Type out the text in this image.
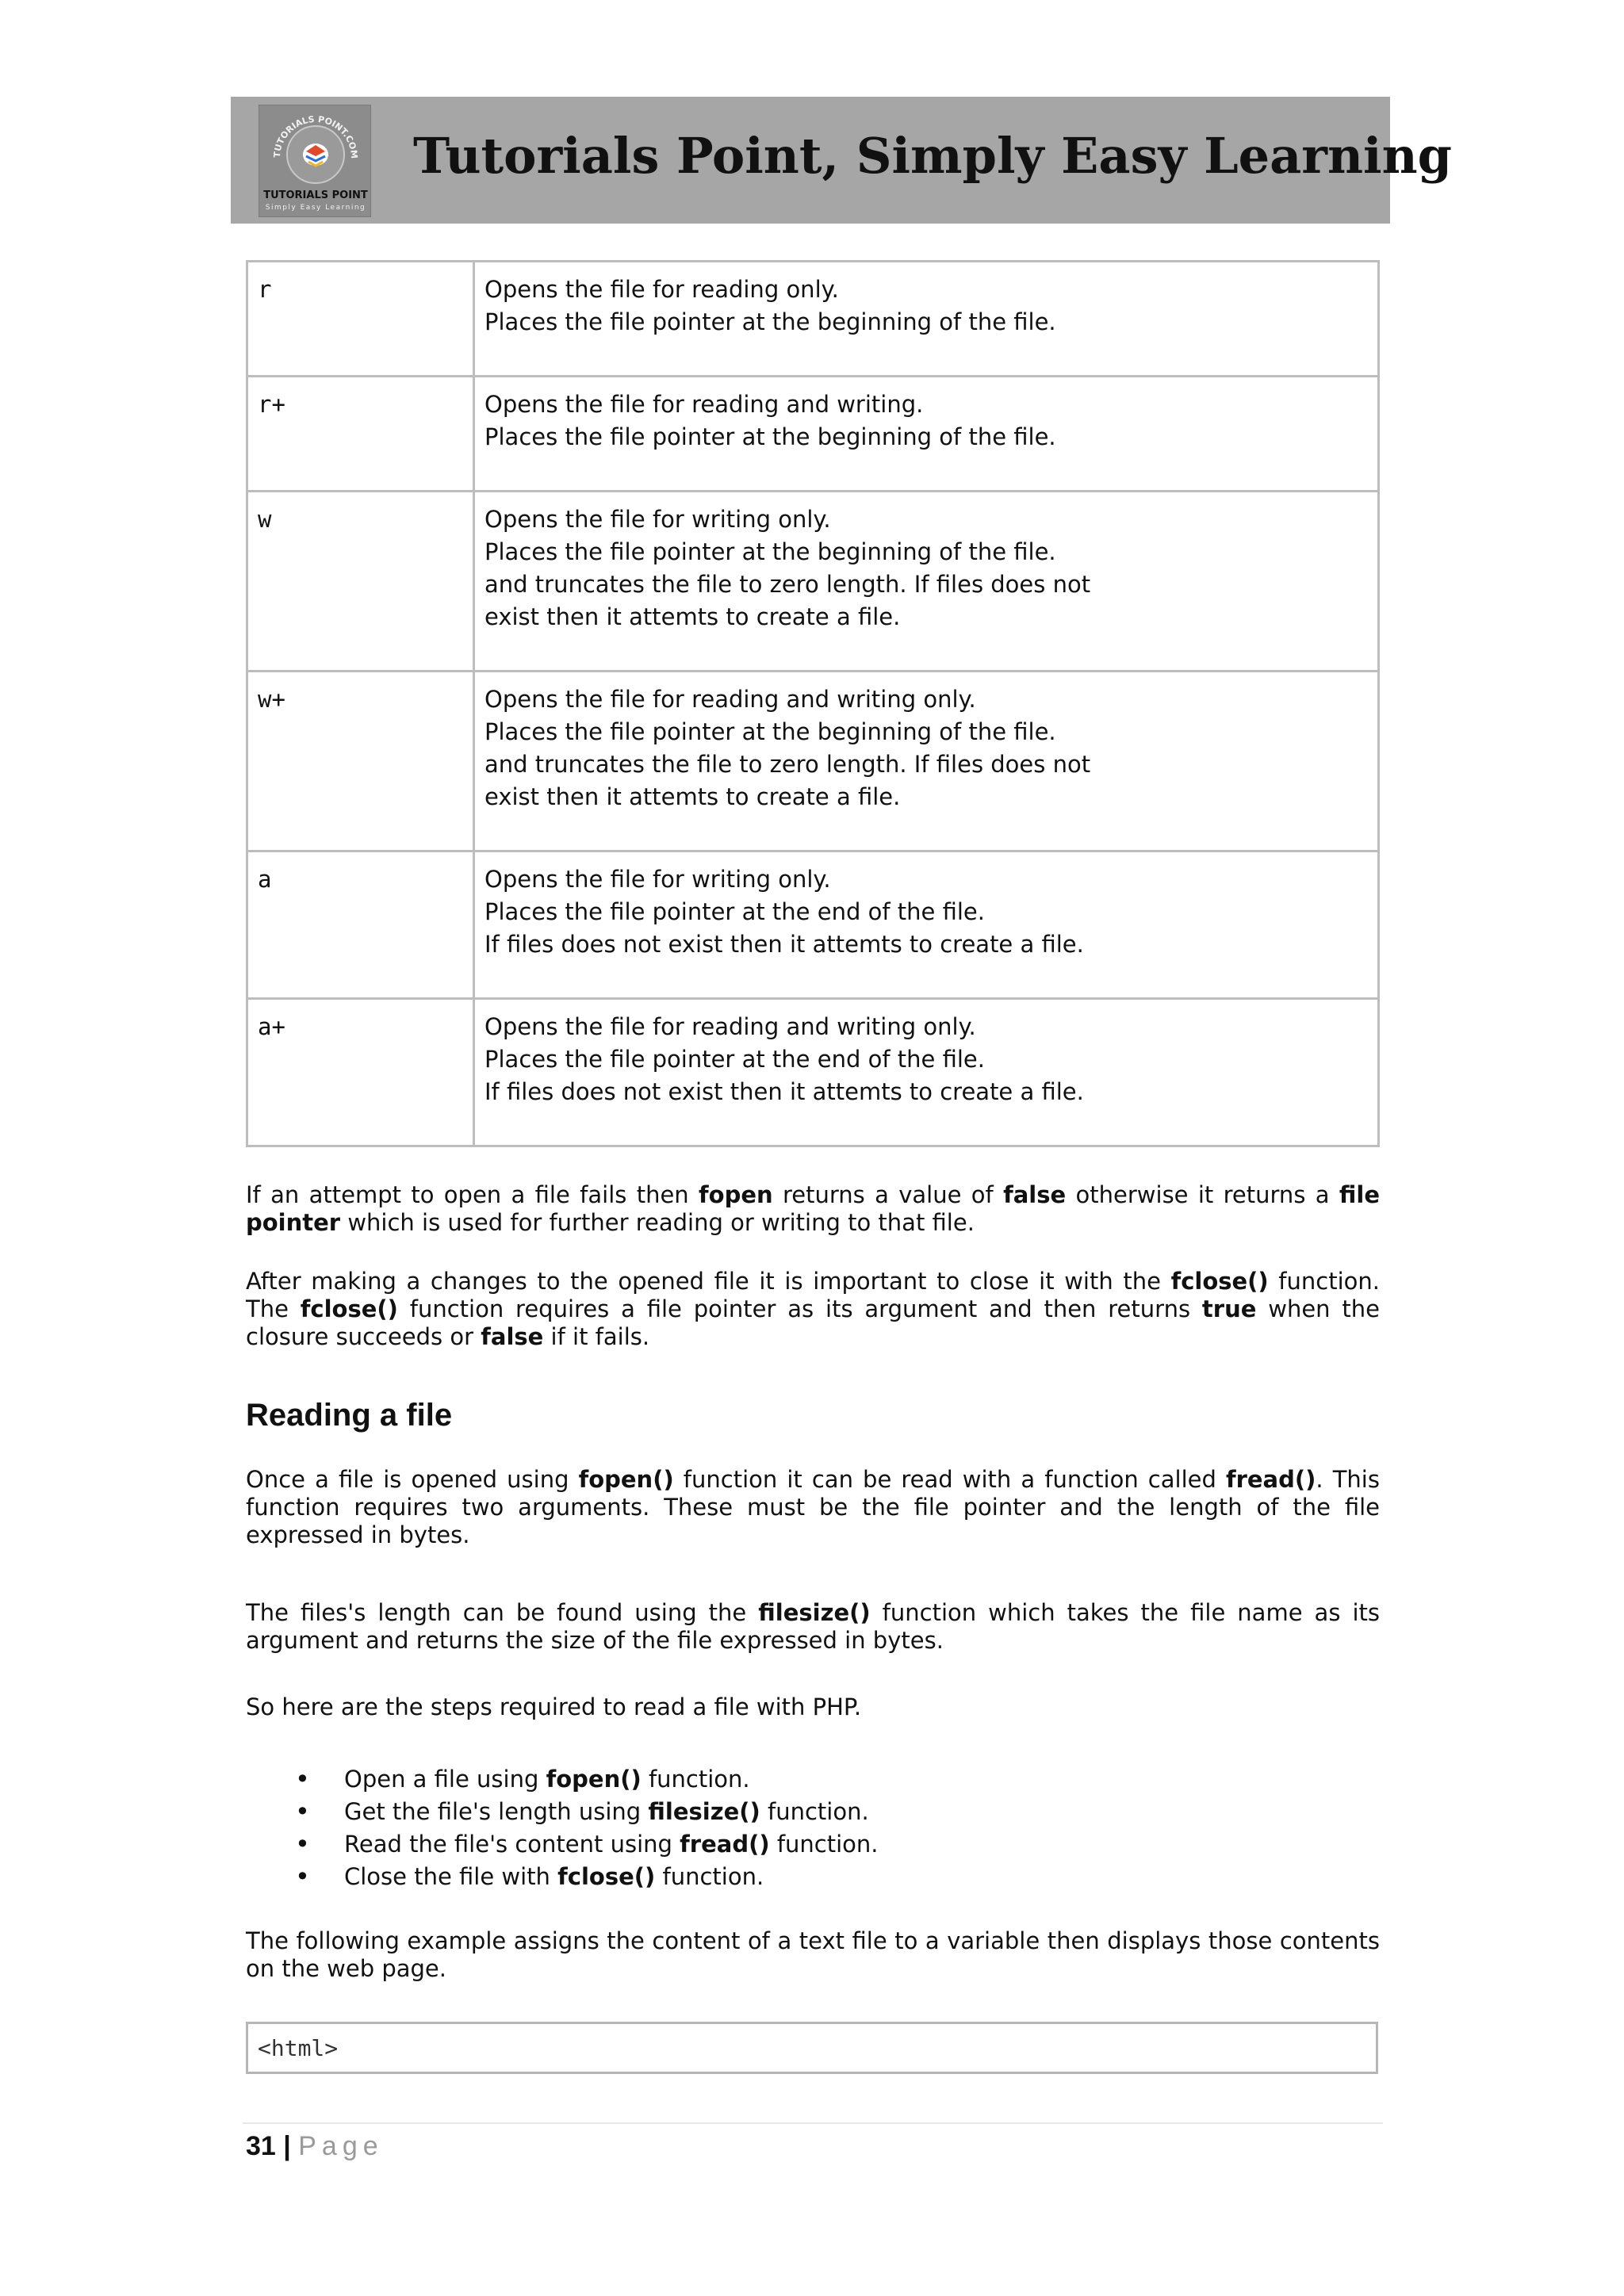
TUTORIALS POINT.COM
TUTORIALS POINT
Simply Easy Learning
Tutorials Point, Simply Easy Learning
r	Opens the file for reading only.
Places the file pointer at the beginning of the file.
r+	Opens the file for reading and writing.
Places the file pointer at the beginning of the file.
w	Opens the file for writing only.
Places the file pointer at the beginning of the file.
and truncates the file to zero length. If files does not
exist then it attemts to create a file.
w+	Opens the file for reading and writing only.
Places the file pointer at the beginning of the file.
and truncates the file to zero length. If files does not
exist then it attemts to create a file.
a	Opens the file for writing only.
Places the file pointer at the end of the file.
If files does not exist then it attemts to create a file.
a+	Opens the file for reading and writing only.
Places the file pointer at the end of the file.
If files does not exist then it attemts to create a file.
If an attempt to open a file fails then fopen returns a value of false otherwise it returns a file pointer which is used for further reading or writing to that file.
After making a changes to the opened file it is important to close it with the fclose() function. The fclose() function requires a file pointer as its argument and then returns true when the closure succeeds or false if it fails.
Reading a file
Once a file is opened using fopen() function it can be read with a function called fread(). This function requires two arguments. These must be the file pointer and the length of the file expressed in bytes.
The files's length can be found using the filesize() function which takes the file name as its argument and returns the size of the file expressed in bytes.
So here are the steps required to read a file with PHP.
• Open a file using fopen() function.
• Get the file's length using filesize() function.
• Read the file's content using fread() function.
• Close the file with fclose() function.
The following example assigns the content of a text file to a variable then displays those contents on the web page.
<html>
31 | Page
